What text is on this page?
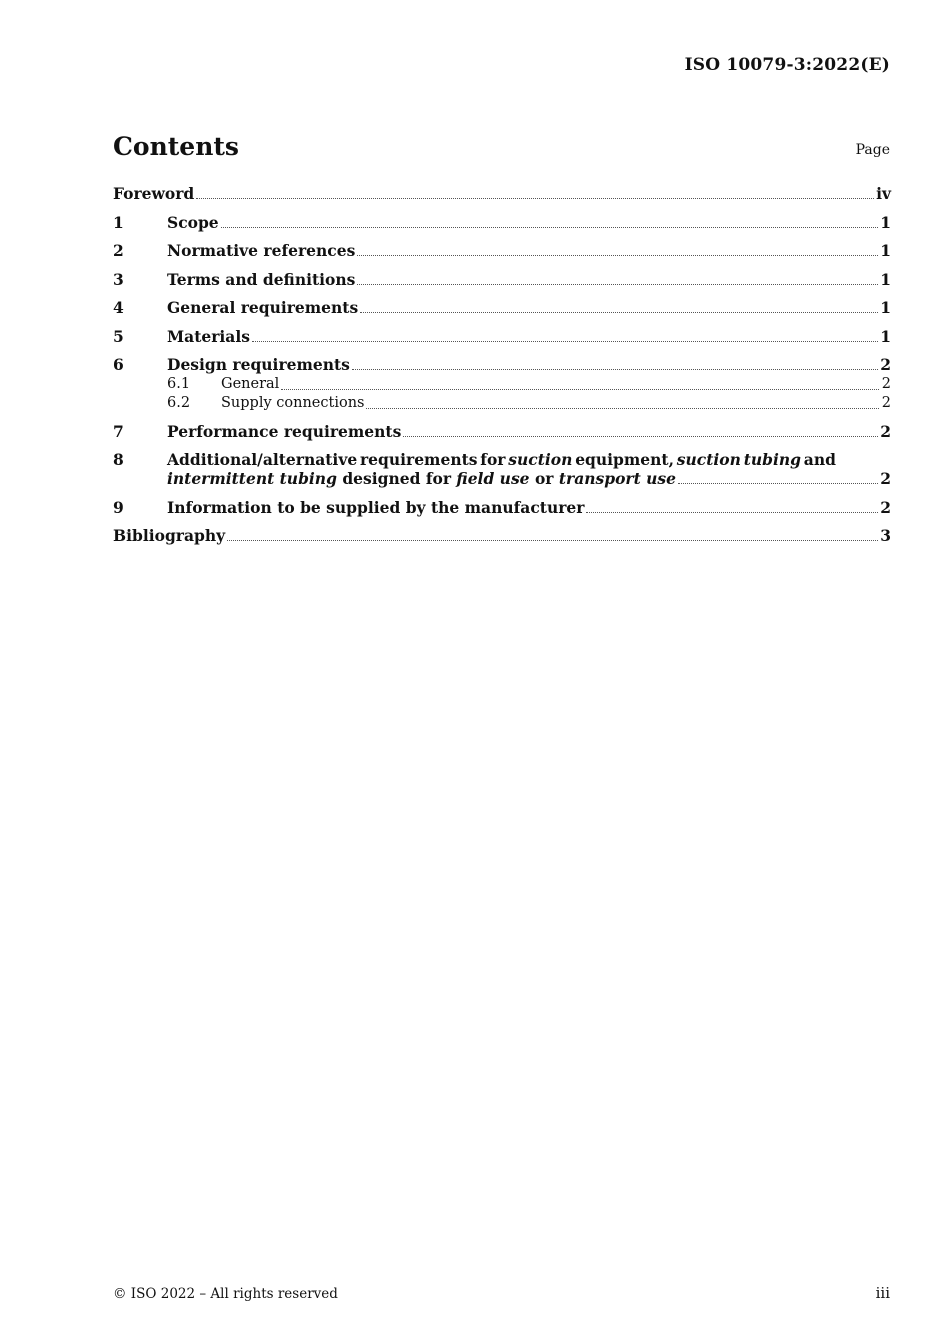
ISO 10079-3:2022(E)
Contents	Page
Foreword	iv
1	Scope	1
2	Normative references	1
3	Terms and definitions	1
4	General requirements	1
5	Materials	1
6	Design requirements	2
6.1	General	2
6.2	Supply connections	2
7	Performance requirements	2
8	Additional/alternative requirements for suction equipment, suction tubing and
intermittent tubing
designed for
field use
or
transport use	2
9	Information to be supplied by the manufacturer	2
Bibliography	3
© ISO 2022 – All rights reserved	iii
